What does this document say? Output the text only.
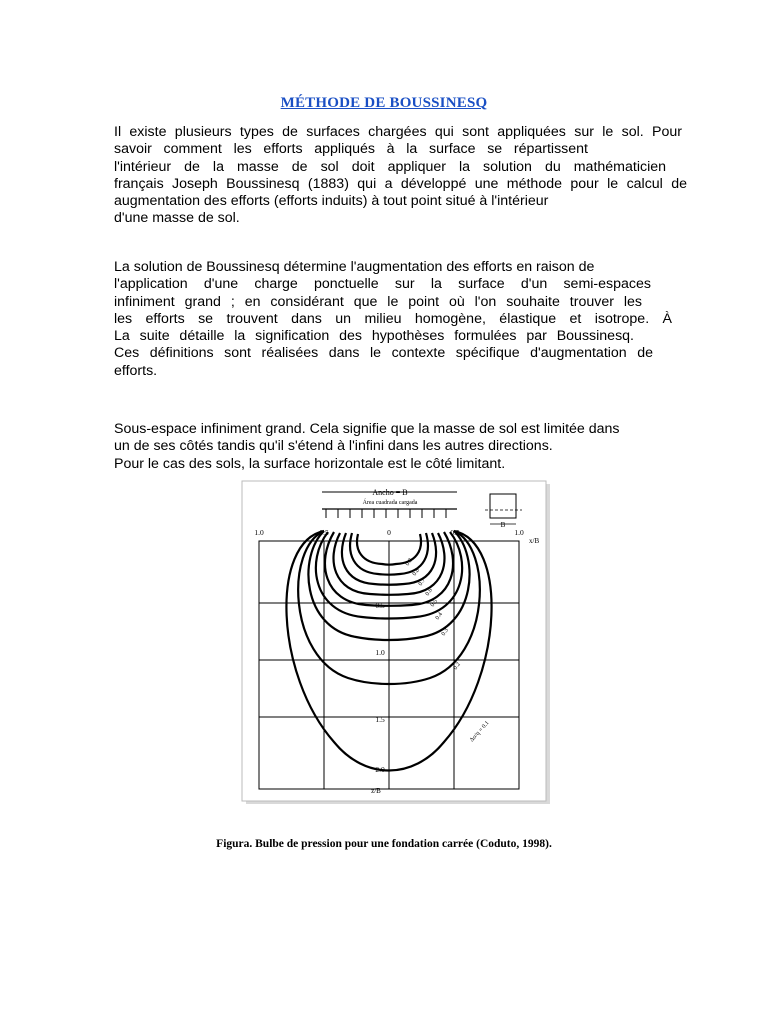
MÉTHODE DE BOUSSINESQ
Il existe plusieurs types de surfaces chargées qui sont appliquées sur le sol. Pour
savoir comment les efforts appliqués à la surface se répartissent
l'intérieur de la masse de sol doit appliquer la solution du mathématicien
français Joseph Boussinesq (1883) qui a développé une méthode pour le calcul de
augmentation des efforts (efforts induits) à tout point situé à l'intérieur
d'une masse de sol.
La solution de Boussinesq détermine l'augmentation des efforts en raison de
l'application d'une charge ponctuelle sur la surface d'un semi-espaces
infiniment grand ; en considérant que le point où l'on souhaite trouver les
les efforts se trouvent dans un milieu homogène, élastique et isotrope. À
La suite détaille la signification des hypothèses formulées par Boussinesq.
Ces définitions sont réalisées dans le contexte spécifique d'augmentation de
efforts.
Sous-espace infiniment grand. Cela signifie que la masse de sol est limitée dans
un de ses côtés tandis qu'il s'étend à l'infini dans les autres directions.
Pour le cas des sols, la surface horizontale est le côté limitant.
Ancho = B
Área cuadrada cargada
B
1.0	0.5	0	0.5	1.0
x/B
0.5
1.0
1.5
2.0
z/B
0.9
0.8
0.7
0.6
0.5
0.4
0.3
0.2
Δσ/q = 0.1
Figura. Bulbe de pression pour une fondation carrée (Coduto, 1998).
